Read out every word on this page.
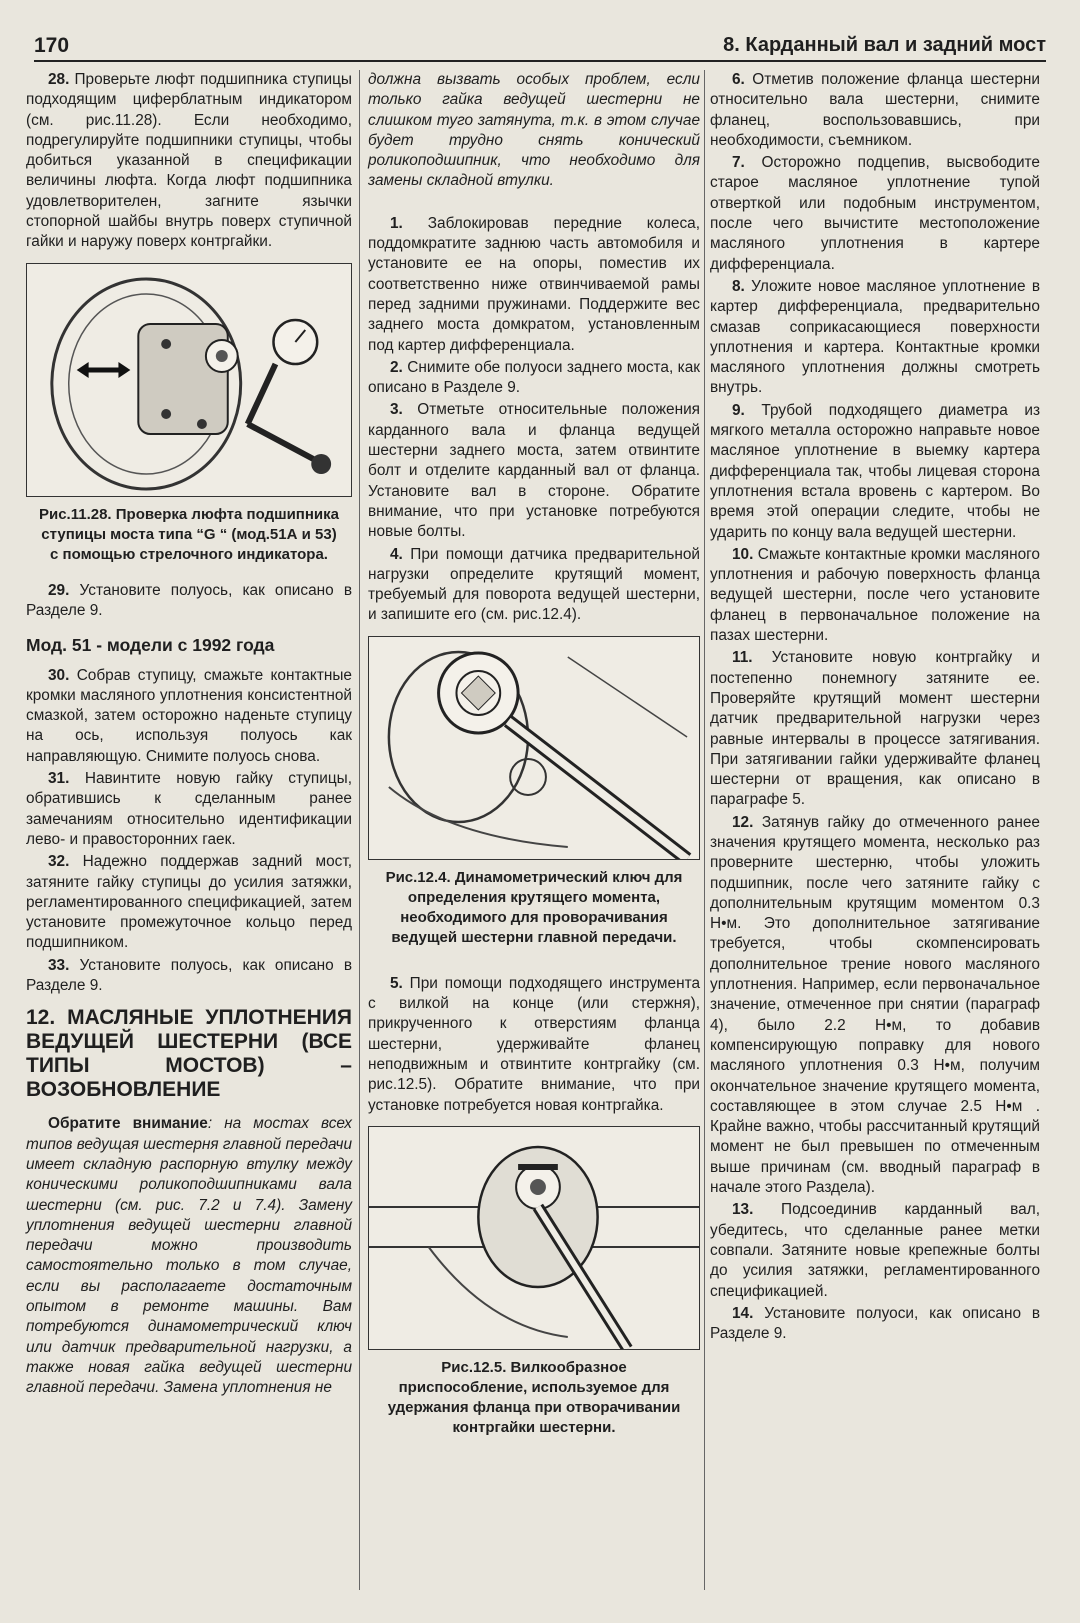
170	8. Карданный вал и задний мост

28. Проверьте люфт подшипника ступицы подходящим циферблатным индикатором (см. рис.11.28). Если необходимо, подрегулируйте подшипники ступицы, чтобы добиться указанной в спецификации величины люфта. Когда люфт подшипника удовлетворителен, загните язычки стопорной шайбы внутрь поверх ступичной гайки и наружу поверх контргайки.

Рис.11.28. Проверка люфта подшипника ступицы моста типа “G “ (мод.51А и 53) с помощью стрелочного индикатора.

29. Установите полуось, как описано в Разделе 9.

Мод. 51 - модели с 1992 года

30. Собрав ступицу, смажьте контактные кромки масляного уплотнения консистентной смазкой, затем осторожно наденьте ступицу на ось, используя полуось как направляющую. Снимите полуось снова.

31. Навинтите новую гайку ступицы, обратившись к сделанным ранее замечаниям относительно идентификации лево- и правосторонних гаек.

32. Надежно поддержав задний мост, затяните гайку ступицы до усилия затяжки, регламентированного спецификацией, затем установите промежуточное кольцо перед подшипником.

33. Установите полуось, как описано в Разделе 9.

12. МАСЛЯНЫЕ УПЛОТНЕНИЯ ВЕДУЩЕЙ ШЕСТЕРНИ (ВСЕ ТИПЫ МОСТОВ) – ВОЗОБНОВЛЕНИЕ

Обратите внимание: на мостах всех типов ведущая шестерня главной передачи имеет складную распорную втулку между коническими роликоподшипниками вала шестерни (см. рис. 7.2 и 7.4). Замену уплотнения ведущей шестерни главной передачи можно производить самостоятельно только в том случае, если вы располагаете достаточным опытом в ремонте машины. Вам потребуются динамометрический ключ или датчик предварительной нагрузки, а также новая гайка ведущей шестерни главной передачи. Замена уплотнения не

должна вызвать особых проблем, если только гайка ведущей шестерни не слишком туго затянута, т.к. в этом случае будет трудно снять конический роликоподшипник, что необходимо для замены складной втулки.

1. Заблокировав передние колеса, поддомкратите заднюю часть автомобиля и установите ее на опоры, поместив их соответственно ниже отвинчиваемой рамы перед задними пружинами. Поддержите вес заднего моста домкратом, установленным под картер дифференциала.

2. Снимите обе полуоси заднего моста, как описано в Разделе 9.

3. Отметьте относительные положения карданного вала и фланца ведущей шестерни заднего моста, затем отвинтите болт и отделите карданный вал от фланца. Установите вал в стороне. Обратите внимание, что при установке потребуются новые болты.

4. При помощи датчика предварительной нагрузки определите крутящий момент, требуемый для поворота ведущей шестерни, и запишите его (см. рис.12.4).

Рис.12.4. Динамометрический ключ для определения крутящего момента, необходимого для проворачивания ведущей шестерни главной передачи.

5. При помощи подходящего инструмента с вилкой на конце (или стержня), прикрученного к отверстиям фланца шестерни, удерживайте фланец неподвижным и отвинтите контргайку (см. рис.12.5). Обратите внимание, что при установке потребуется новая контргайка.

Рис.12.5. Вилкообразное приспособление, используемое для удержания фланца при отворачивании контргайки шестерни.

6. Отметив положение фланца шестерни относительно вала шестерни, снимите фланец, воспользовавшись, при необходимости, съемником.

7. Осторожно подцепив, высвободите старое масляное уплотнение тупой отверткой или подобным инструментом, после чего вычистите местоположение масляного уплотнения в картере дифференциала.

8. Уложите новое масляное уплотнение в картер дифференциала, предварительно смазав соприкасающиеся поверхности уплотнения и картера. Контактные кромки масляного уплотнения должны смотреть внутрь.

9. Трубой подходящего диаметра из мягкого металла осторожно направьте новое масляное уплотнение в выемку картера дифференциала так, чтобы лицевая сторона уплотнения встала вровень с картером. Во время этой операции следите, чтобы не ударить по концу вала ведущей шестерни.

10. Смажьте контактные кромки масляного уплотнения и рабочую поверхность фланца ведущей шестерни, после чего установите фланец в первоначальное положение на пазах шестерни.

11. Установите новую контргайку и постепенно понемногу затяните ее. Проверяйте крутящий момент шестерни датчик предварительной нагрузки через равные интервалы в процессе затягивания. При затягивании гайки удерживайте фланец шестерни от вращения, как описано в параграфе 5.

12. Затянув гайку до отмеченного ранее значения крутящего момента, несколько раз проверните шестерню, чтобы уложить подшипник, после чего затяните гайку с дополнительным крутящим моментом 0.3 Н•м. Это дополнительное затягивание требуется, чтобы скомпенсировать дополнительное трение нового масляного уплотнения. Например, если первоначальное значение, отмеченное при снятии (параграф 4), было 2.2 Н•м, то добавив компенсирующую поправку для нового масляного уплотнения 0.3 Н•м, получим окончательное значение крутящего момента, составляющее в этом случае 2.5 Н•м . Крайне важно, чтобы рассчитанный крутящий момент не был превышен по отмеченным выше причинам (см. вводный параграф в начале этого Раздела).

13. Подсоединив карданный вал, убедитесь, что сделанные ранее метки совпали. Затяните новые крепежные болты до усилия затяжки, регламентированного спецификацией.

14. Установите полуоси, как описано в Разделе 9.
